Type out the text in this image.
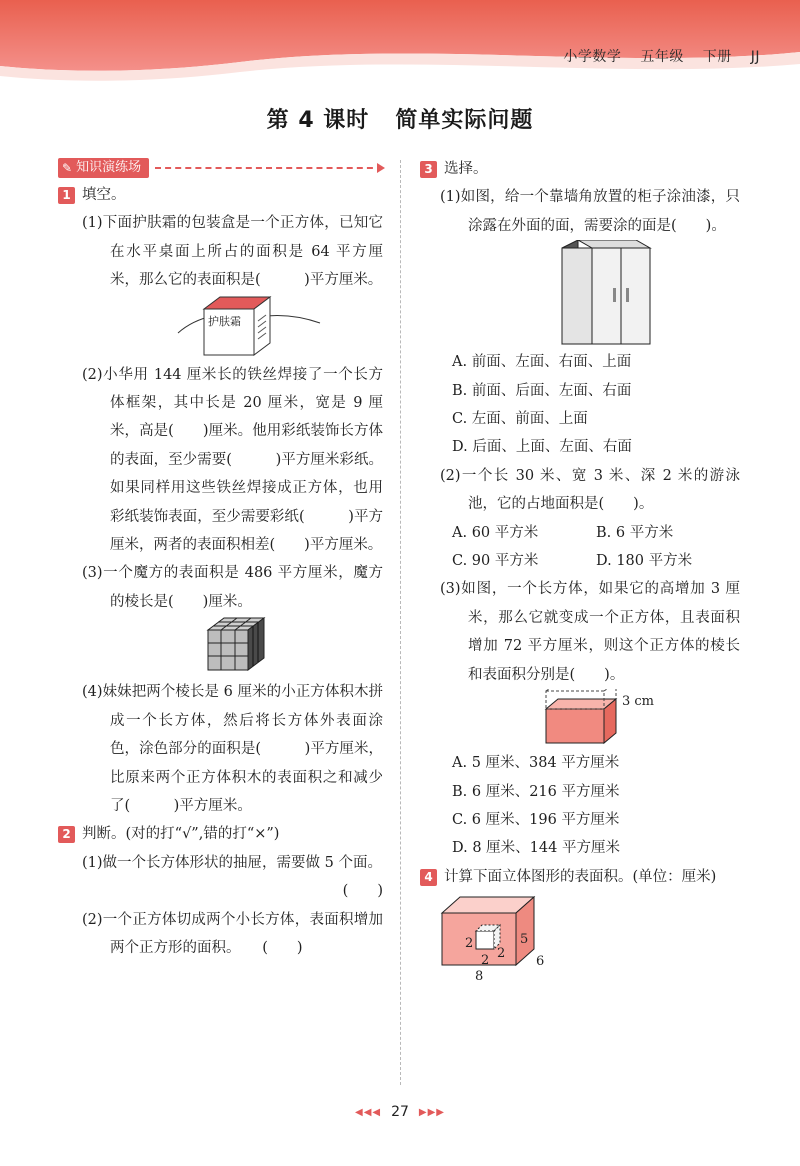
小学数学 五年级 下册 JJ
第 4 课时 简单实际问题
✎ 知识演练场
1 填空。
(1)下面护肤霜的包装盒是一个正方体，已知它在水平桌面上所占的面积是 64 平方厘米，那么它的表面积是(　　　)平方厘米。
护肤霜
(2)小华用 144 厘米长的铁丝焊接了一个长方体框架，其中长是 20 厘米，宽是 9 厘米，高是(　　)厘米。他用彩纸装饰长方体的表面，至少需要(　　　)平方厘米彩纸。如果同样用这些铁丝焊接成正方体，也用彩纸装饰表面，至少需要彩纸(　　　)平方厘米，两者的表面积相差(　　)平方厘米。
(3)一个魔方的表面积是 486 平方厘米，魔方的棱长是(　　)厘米。
(4)妹妹把两个棱长是 6 厘米的小正方体积木拼成一个长方体，然后将长方体外表面涂色，涂色部分的面积是(　　　)平方厘米，比原来两个正方体积木的表面积之和减少了(　　　)平方厘米。
2 判断。(对的打“√”,错的打“×”)
(1)做一个长方体形状的抽屉，需要做 5 个面。
(　　)
(2)一个正方体切成两个小长方体，表面积增加两个正方形的面积。　　 (　　)
3 选择。
(1)如图，给一个靠墙角放置的柜子涂油漆，只涂露在外面的面，需要涂的面是(　　)。
A. 前面、左面、右面、上面
B. 前面、后面、左面、右面
C. 左面、前面、上面
D. 后面、上面、左面、右面
(2)一个长 30 米、宽 3 米、深 2 米的游泳池，它的占地面积是(　　)。
A. 60 平方米	B. 6 平方米
C. 90 平方米	D. 180 平方米
(3)如图，一个长方体，如果它的高增加 3 厘米，那么它就变成一个正方体，且表面积增加 72 平方厘米，则这个正方体的棱长和表面积分别是(　　)。
3 cm
A. 5 厘米、384 平方厘米
B. 6 厘米、216 平方厘米
C. 6 厘米、196 平方厘米
D. 8 厘米、144 平方厘米
4 计算下面立体图形的表面积。(单位：厘米)
2
2 2
5
6
8
◀◀◀ 27 ▶▶▶
